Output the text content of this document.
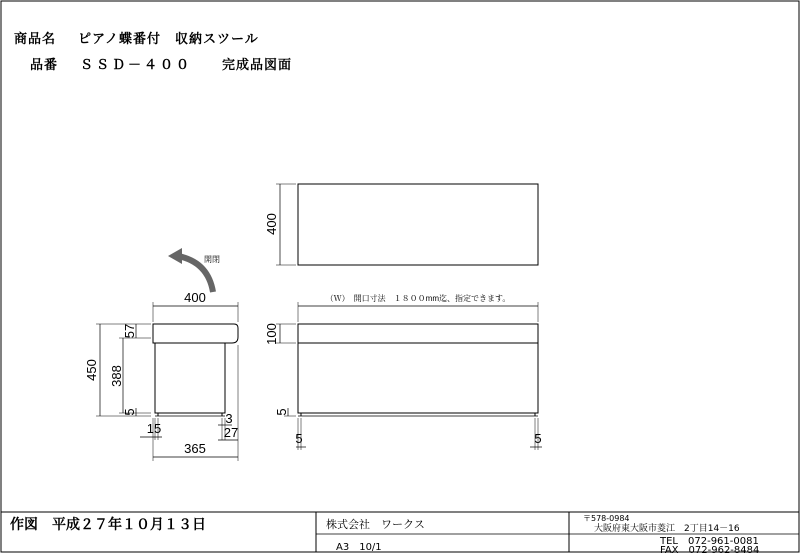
400
（Ｗ）　開口寸法　１８００mm迄、指定できます。
100
5
5	5
開閉
400
450 388
57
5
15
3
27
365
商品名 ピアノ蝶番付　収納スツール
品番 ＳＳＤ－４００ 完成品図面
作図 平成２７年１０月１３日	株式会社　ワークス
A3　10/1
〒578-0984
大阪府東大阪市菱江　2丁目14－16
TEL　072-961-0081
FAX　072-962-8484
